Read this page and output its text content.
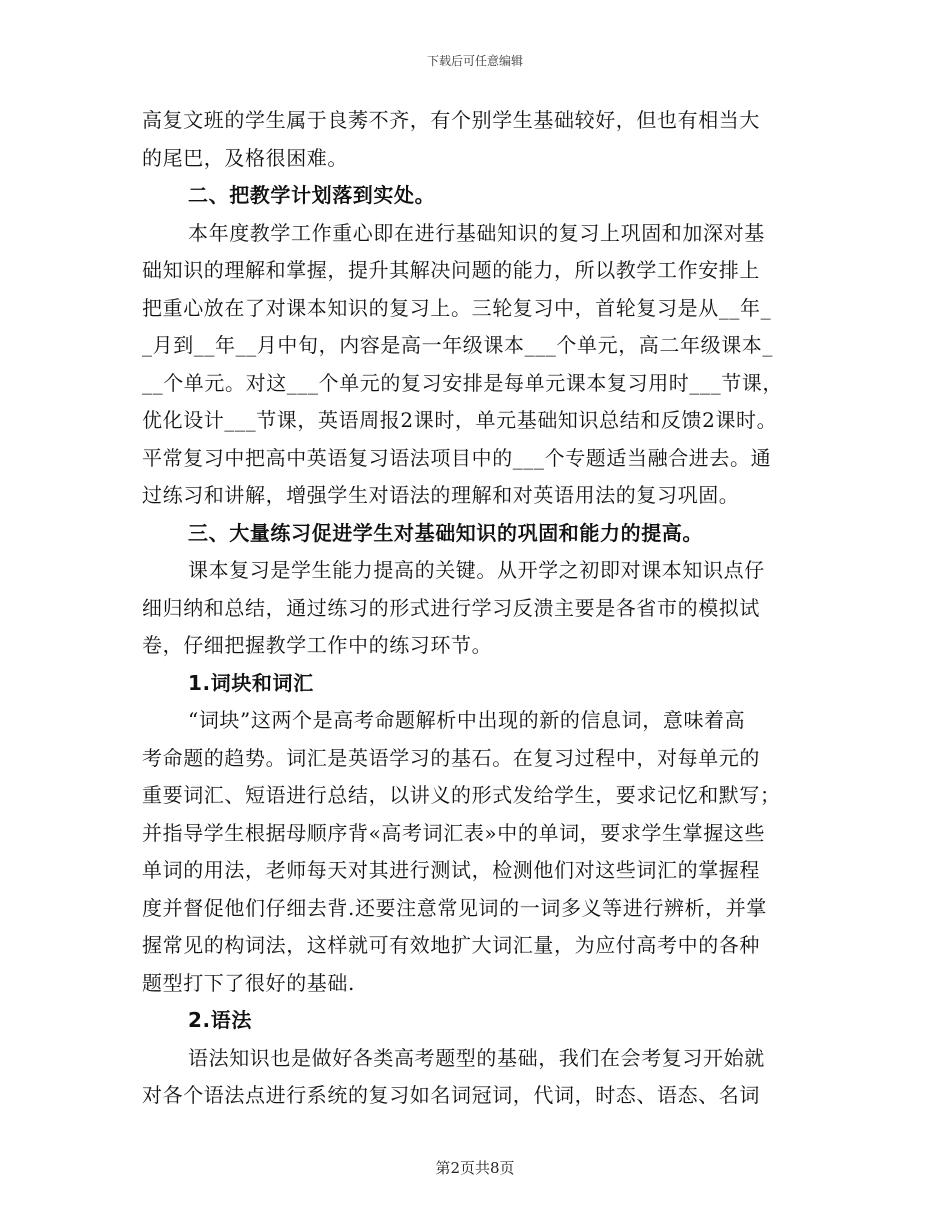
下载后可任意编辑
高复文班的学生属于良莠不齐，有个别学生基础较好，但也有相当大
的尾巴，及格很困难。
二、把教学计划落到实处。
本年度教学工作重心即在进行基础知识的复习上巩固和加深对基
础知识的理解和掌握，提升其解决问题的能力，所以教学工作安排上
把重心放在了对课本知识的复习上。三轮复习中，首轮复习是从__年_
_月到__年__月中旬，内容是高一年级课本___个单元，高二年级课本_
__个单元。对这___个单元的复习安排是每单元课本复习用时___节课，
优化设计___节课，英语周报2课时，单元基础知识总结和反馈2课时。
平常复习中把高中英语复习语法项目中的___个专题适当融合进去。通
过练习和讲解，增强学生对语法的理解和对英语用法的复习巩固。
三、大量练习促进学生对基础知识的巩固和能力的提高。
课本复习是学生能力提高的关键。从开学之初即对课本知识点仔
细归纳和总结，通过练习的形式进行学习反溃主要是各省市的模拟试
卷，仔细把握教学工作中的练习环节。
1.词块和词汇
“词块”这两个是高考命题解析中出现的新的信息词，意味着高
考命题的趋势。词汇是英语学习的基石。在复习过程中，对每单元的
重要词汇、短语进行总结，以讲义的形式发给学生，要求记忆和默写；
并指导学生根据母顺序背«高考词汇表»中的单词，要求学生掌握这些
单词的用法，老师每天对其进行测试，检测他们对这些词汇的掌握程
度并督促他们仔细去背.还要注意常见词的一词多义等进行辨析，并掌
握常见的构词法，这样就可有效地扩大词汇量，为应付高考中的各种
题型打下了很好的基础.
2.语法
语法知识也是做好各类高考题型的基础，我们在会考复习开始就
对各个语法点进行系统的复习如名词冠词，代词，时态、语态、名词
第2页共8页
